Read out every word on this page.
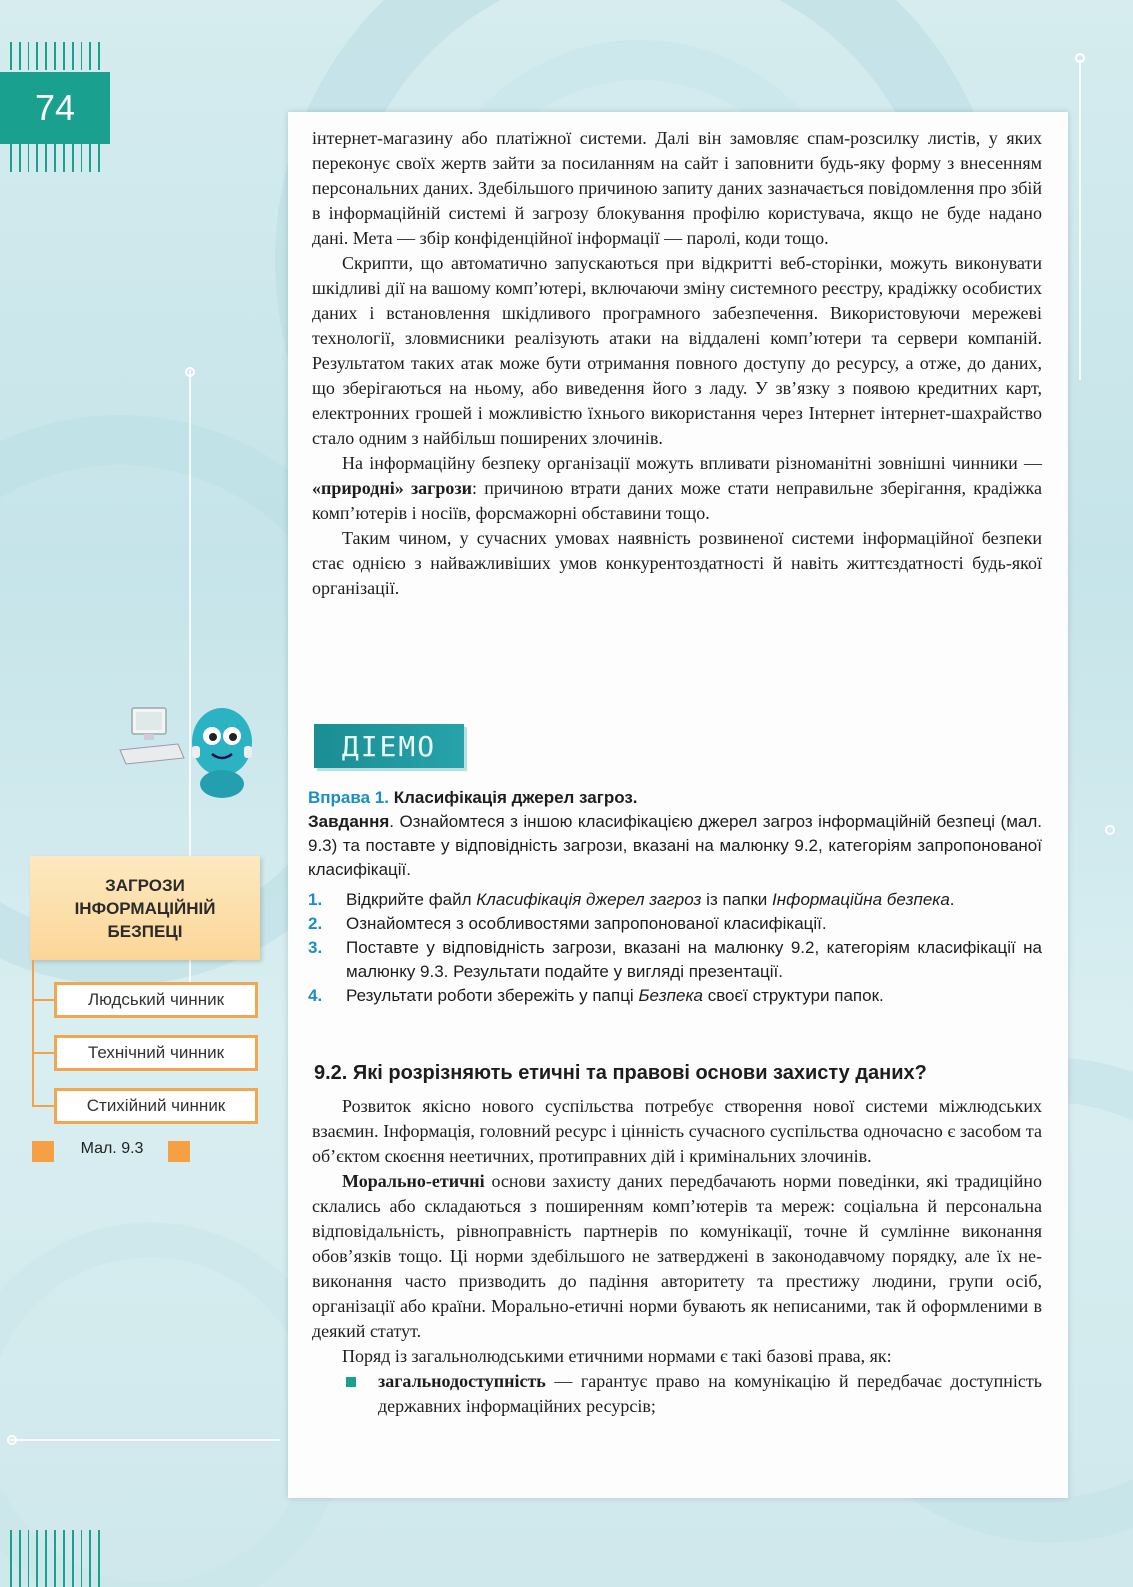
74
ЗАГРОЗИ ІНФОРМАЦІЙНІЙ БЕЗПЕЦІ
Людський чинник
Технічний чинник
Стихійний чинник
Мал. 9.3

інтернет-магазину або платіжної системи. Далі він замовляє спам-розсилку листів, у яких переконує своїх жертв зайти за посиланням на сайт і заповнити будь-яку форму з внесенням персональних даних. Здебільшого причиною запиту даних зазначається повідомлення про збій в інформаційній системі й загрозу блокування профілю користувача, якщо не буде надано дані. Мета — збір конфіденційної інформації — паролі, коди тощо.

Скрипти, що автоматично запускаються при відкритті веб-сторінки, можуть виконувати шкідливі дії на вашому комп’ютері, включаючи зміну системного реєстру, крадіжку особистих даних і встановлення шкідливого програмного забезпечення. Використовуючи мережеві технології, зловмисники реалізують атаки на віддалені комп’ютери та сервери компаній. Результатом таких атак може бути отримання повного доступу до ресурсу, а отже, до даних, що зберігаються на ньому, або виведення його з ладу. У зв’язку з появою кредитних карт, електронних грошей і можливістю їхнього використання через Інтернет інтернет-шахрайство стало одним з найбільш поширених злочинів.

На інформаційну безпеку організації можуть впливати різноманітні зовнішні чинники — «природні» загрози: причиною втрати даних може стати неправильне зберігання, крадіжка комп’ютерів і носіїв, форсмажорні обставини тощо.

Таким чином, у сучасних умовах наявність розвиненої системи інформаційної безпеки стає однією з найважливіших умов конкурентоздатності й навіть життєздатності будь-якої організації.

ДІЕМО
Вправа 1. Класифікація джерел загроз.
Завдання. Ознайомтеся з іншою класифікацією джерел загроз інформаційній безпеці (мал. 9.3) та поставте у відповідність загрози, вказані на малюнку 9.2, категоріям запропонованої класифікації.
1.	Відкрийте файл Класифікація джерел загроз із папки Інформаційна безпека.
2.	Ознайомтеся з особливостями запропонованої класифікації.
3.	Поставте у відповідність загрози, вказані на малюнку 9.2, категоріям класифікації на малюнку 9.3. Результати подайте у вигляді презентації.
4.	Результати роботи збережіть у папці Безпека своєї структури папок.
9.2. Які розрізняють етичні та правові основи захисту даних?

Розвиток якісно нового суспільства потребує створення нової системи міжлюдських взаємин. Інформація, головний ресурс і цінність сучасного суспільства одночасно є засобом та об’єктом скоєння неетичних, протиправних дій і кримінальних злочинів.

Морально-етичні основи захисту даних передбачають норми поведінки, які традиційно склались або складаються з поширенням комп’ютерів та мереж: соціальна й персональна відповідальність, рівноправність партнерів по комунікації, точне й сумлінне виконання обов’язків тощо. Ці норми здебільшого не затверджені в законодавчому порядку, але їх невиконання часто призводить до падіння авторитету та престижу людини, групи осіб, організації або країни. Морально-етичні норми бувають як неписаними, так й оформленими в деякий статут.

Поряд із загальнолюдськими етичними нормами є такі базові права, як:

загальнодоступність — гарантує право на комунікацію й передбачає доступність державних інформаційних ресурсів;
